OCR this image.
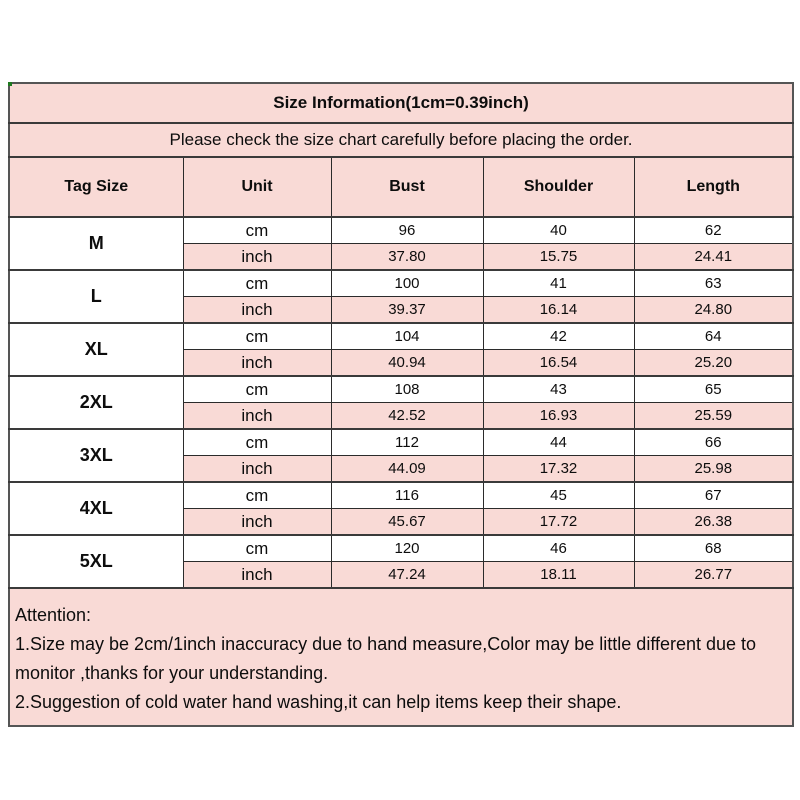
Size Information(1cm=0.39inch)				
Please check the size chart carefully before placing the order.				
Tag Size	Unit	Bust	Shoulder	Length
M	cm	96	40	62
	inch	37.80	15.75	24.41
L	cm	100	41	63
	inch	39.37	16.14	24.80
XL	cm	104	42	64
	inch	40.94	16.54	25.20
2XL	cm	108	43	65
	inch	42.52	16.93	25.59
3XL	cm	112	44	66
	inch	44.09	17.32	25.98
4XL	cm	116	45	67
	inch	45.67	17.72	26.38
5XL	cm	120	46	68
	inch	47.24	18.11	26.77

Attention:
1.Size may be 2cm/1inch inaccuracy due to hand measure,Color may be little different due to monitor ,thanks for your understanding.
2.Suggestion of cold water hand washing,it can help items keep their shape.				
